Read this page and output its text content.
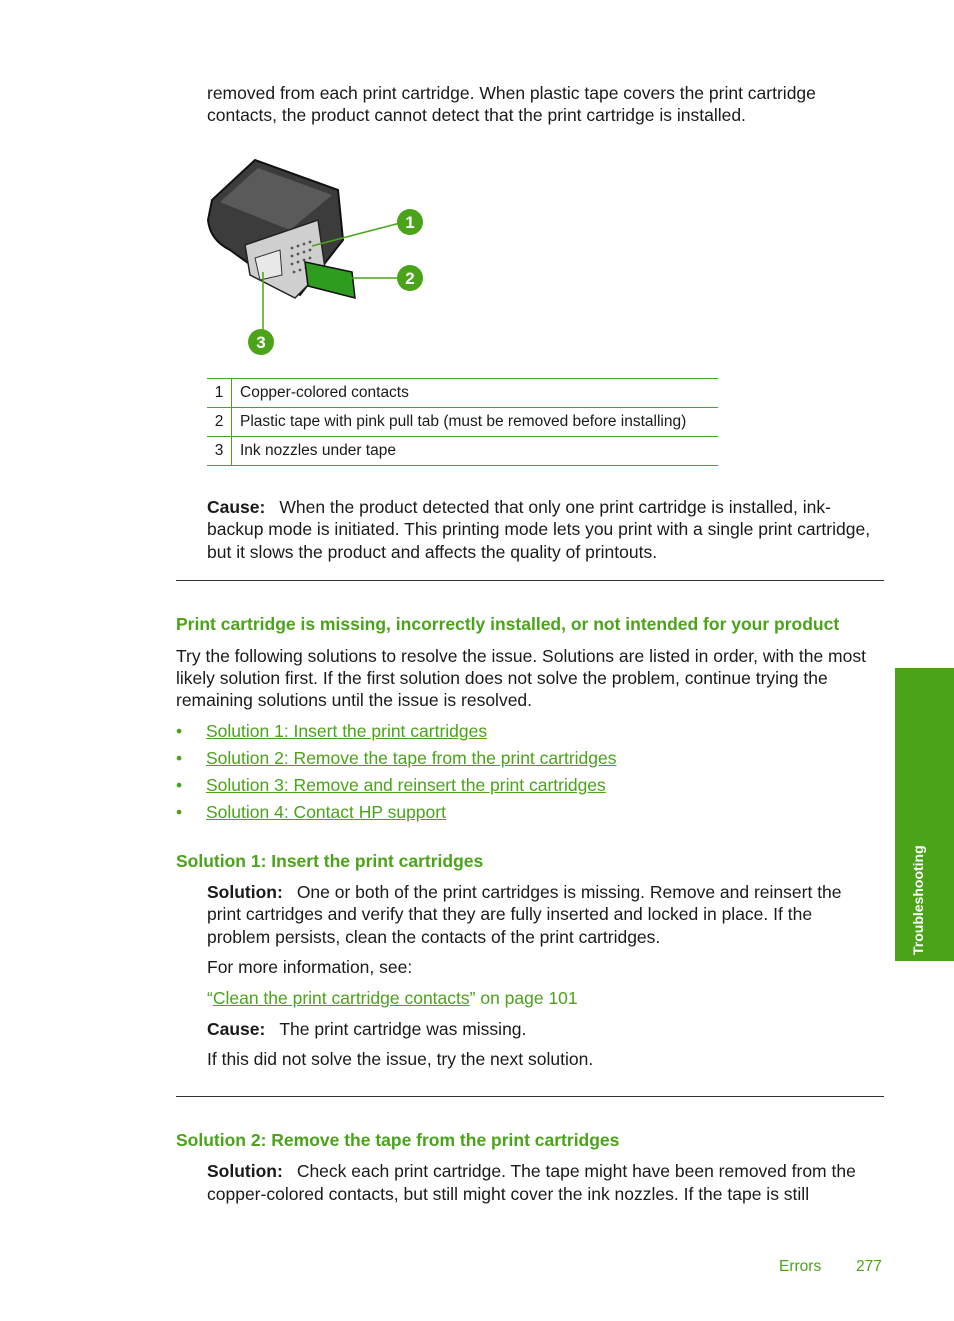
removed from each print cartridge. When plastic tape covers the print cartridge

contacts, the product cannot detect that the print cartridge is installed.

1
2
3
1	Copper-colored contacts
2	Plastic tape with pink pull tab (must be removed before installing)
3	Ink nozzles under tape

Cause: When the product detected that only one print cartridge is installed, ink-

backup mode is initiated. This printing mode lets you print with a single print cartridge,

but it slows the product and affects the quality of printouts.

Print cartridge is missing, incorrectly installed, or not intended for your product

Try the following solutions to resolve the issue. Solutions are listed in order, with the most

likely solution first. If the first solution does not solve the problem, continue trying the

remaining solutions until the issue is resolved.

• Solution 1: Insert the print cartridges
• Solution 2: Remove the tape from the print cartridges
• Solution 3: Remove and reinsert the print cartridges
• Solution 4: Contact HP support
Solution 1: Insert the print cartridges

Solution: One or both of the print cartridges is missing. Remove and reinsert the

print cartridges and verify that they are fully inserted and locked in place. If the

problem persists, clean the contacts of the print cartridges.

For more information, see:

“Clean the print cartridge contacts” on page 101

Cause: The print cartridge was missing.

If this did not solve the issue, try the next solution.

Solution 2: Remove the tape from the print cartridges

Solution: Check each print cartridge. The tape might have been removed from the

copper-colored contacts, but still might cover the ink nozzles. If the tape is still

Troubleshooting
Errors 277
